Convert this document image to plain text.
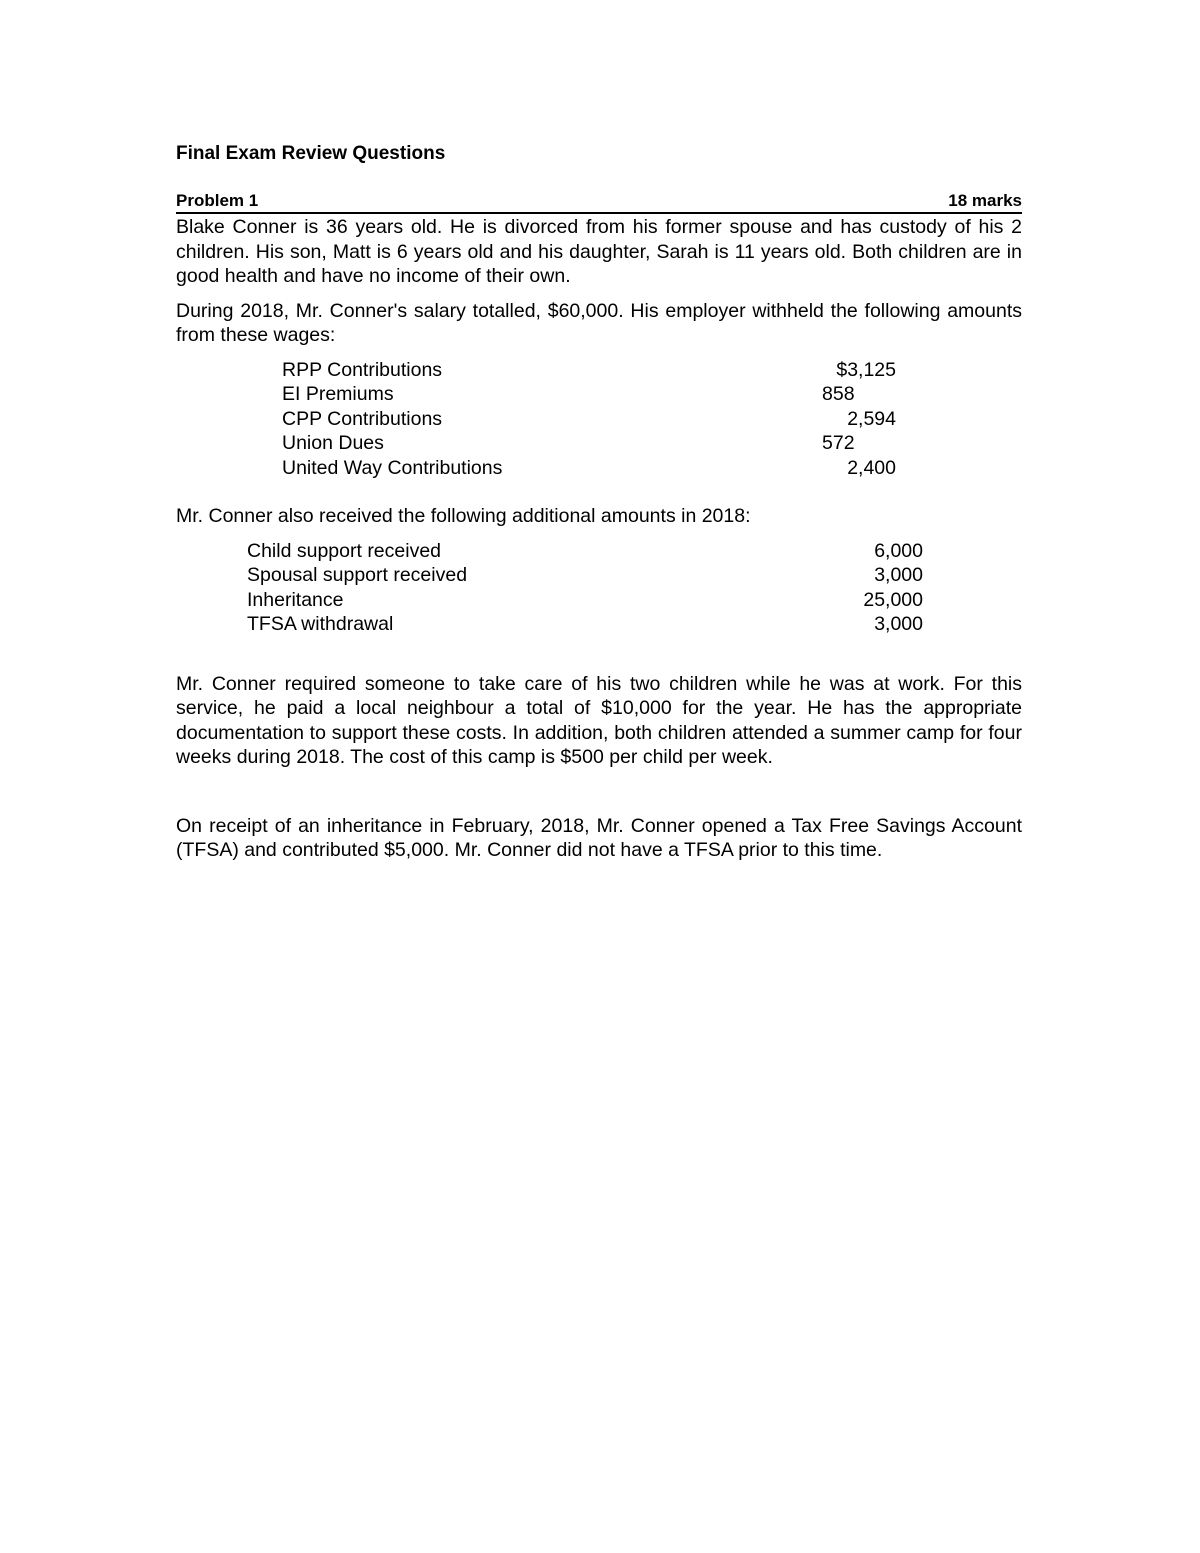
Final Exam Review Questions
Problem 1	18 marks

Blake Conner is 36 years old. He is divorced from his former spouse and has custody of his 2 children. His son, Matt is 6 years old and his daughter, Sarah is 11 years old. Both children are in good health and have no income of their own.

During 2018, Mr. Conner's salary totalled, $60,000. His employer withheld the following amounts from these wages:

RPP Contributions	$3,125
EI Premiums	858
CPP Contributions	2,594
Union Dues	572
United Way Contributions	2,400

Mr. Conner also received the following additional amounts in 2018:

Child support received	6,000
Spousal support received	3,000
Inheritance	25,000
TFSA withdrawal	3,000

Mr. Conner required someone to take care of his two children while he was at work. For this service, he paid a local neighbour a total of $10,000 for the year. He has the appropriate documentation to support these costs. In addition, both children attended a summer camp for four weeks during 2018. The cost of this camp is $500 per child per week.

On receipt of an inheritance in February, 2018, Mr. Conner opened a Tax Free Savings Account (TFSA) and contributed $5,000. Mr. Conner did not have a TFSA prior to this time.
